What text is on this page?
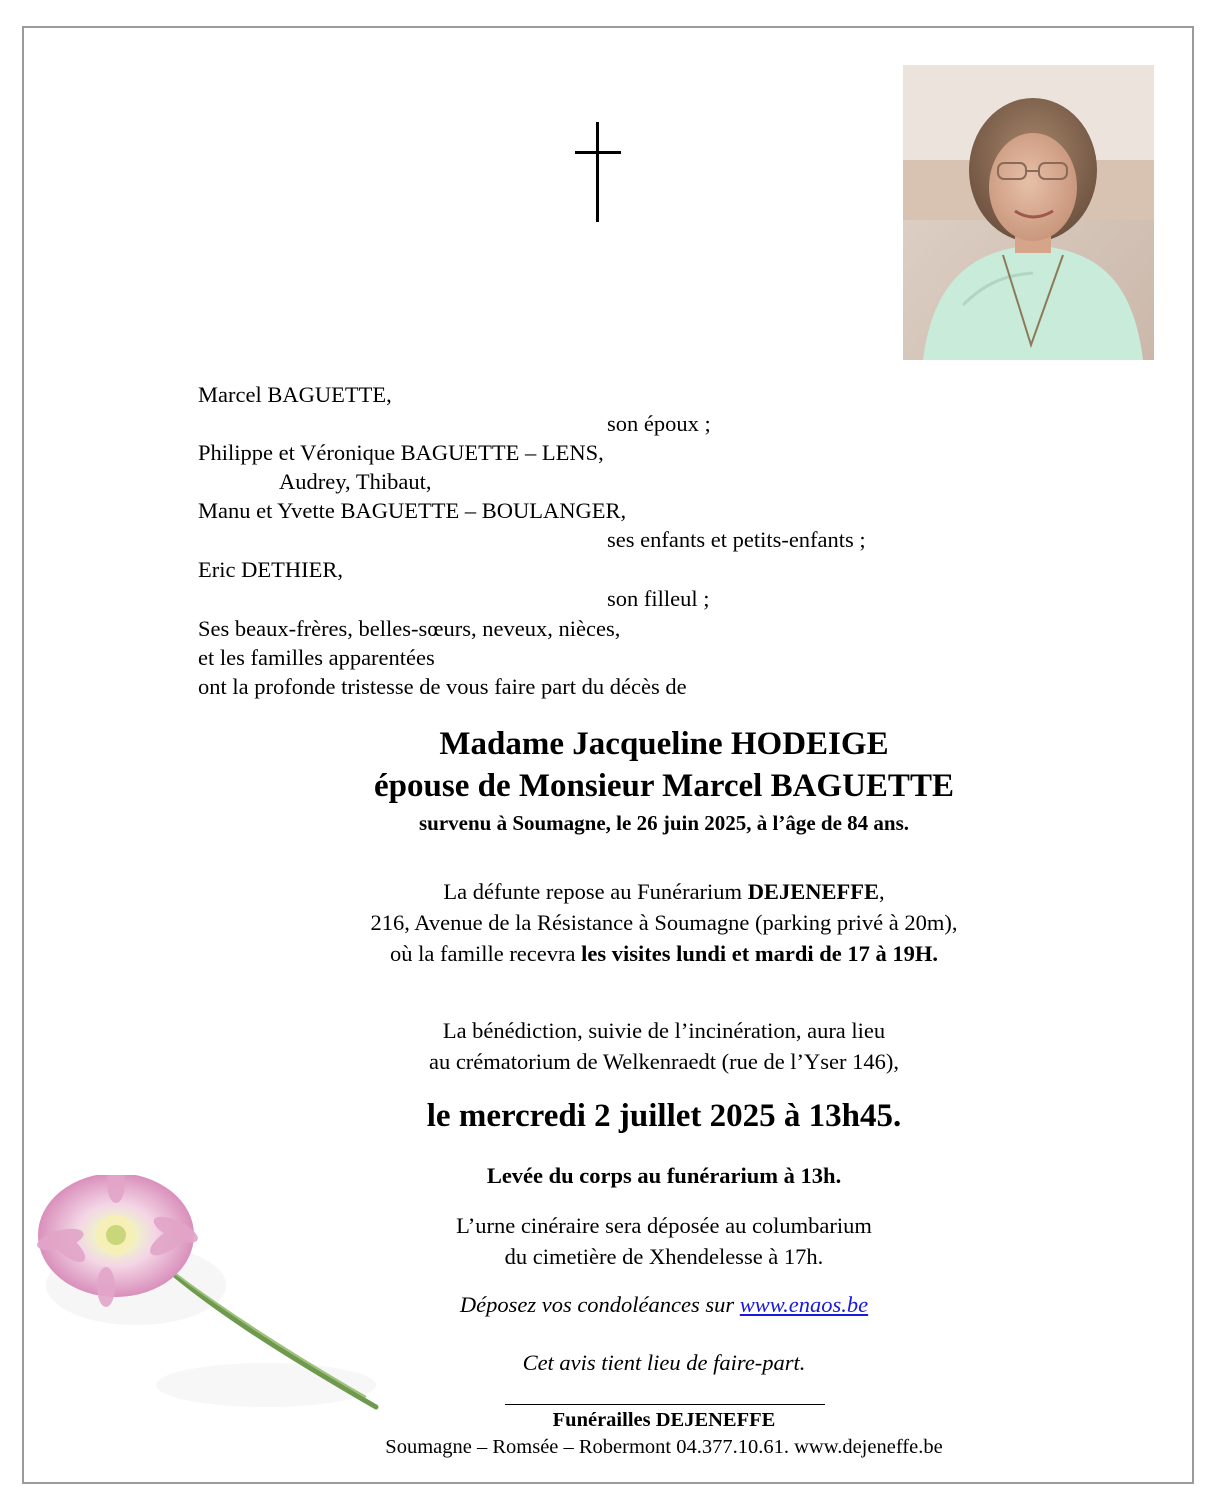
Marcel BAGUETTE,
son époux ;
Philippe et Véronique BAGUETTE – LENS,
Audrey, Thibaut,
Manu et Yvette BAGUETTE – BOULANGER,
ses enfants et petits-enfants ;
Eric DETHIER,
son filleul ;
Ses beaux-frères, belles-sœurs, neveux, nièces,
et les familles apparentées
ont la profonde tristesse de vous faire part du décès de
Madame Jacqueline HODEIGE
épouse de Monsieur Marcel BAGUETTE
survenu à Soumagne, le 26 juin 2025, à l’âge de 84 ans.
La défunte repose au Funérarium DEJENEFFE,
216, Avenue de la Résistance à Soumagne (parking privé à 20m),
où la famille recevra les visites lundi et mardi de 17 à 19H.
La bénédiction, suivie de l’incinération, aura lieu
au crématorium de Welkenraedt (rue de l’Yser 146),
le mercredi 2 juillet 2025 à 13h45.
Levée du corps au funérarium à 13h.
L’urne cinéraire sera déposée au columbarium
du cimetière de Xhendelesse à 17h.
Déposez vos condoléances sur www.enaos.be
Cet avis tient lieu de faire-part.
Funérailles DEJENEFFE
Soumagne – Romsée – Robermont 04.377.10.61. www.dejeneffe.be
